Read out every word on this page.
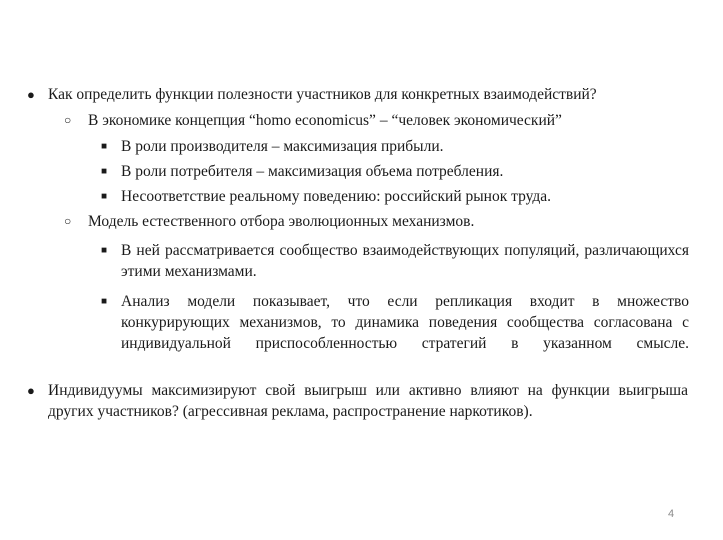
● Как определить функции полезности участников для конкретных взаимодействий?
○ В экономике концепция “homo economicus” – “человек экономический”
■ В роли производителя – максимизация прибыли.
■ В роли потребителя – максимизация объема потребления.
■ Несоответствие реальному поведению: российский рынок труда.
○ Модель естественного отбора эволюционных механизмов.
■ В ней рассматривается сообщество взаимодействующих популяций, различающихся этими механизмами.
■ Анализ модели показывает, что если репликация входит в множество конкурирующих механизмов, то динамика поведения сообщества согласована с индивидуальной приспособленностью стратегий в указанном смысле.
● Индивидуумы максимизируют свой выигрыш или активно влияют на функции выигрыша других участников? (агрессивная реклама, распространение наркотиков).
4
